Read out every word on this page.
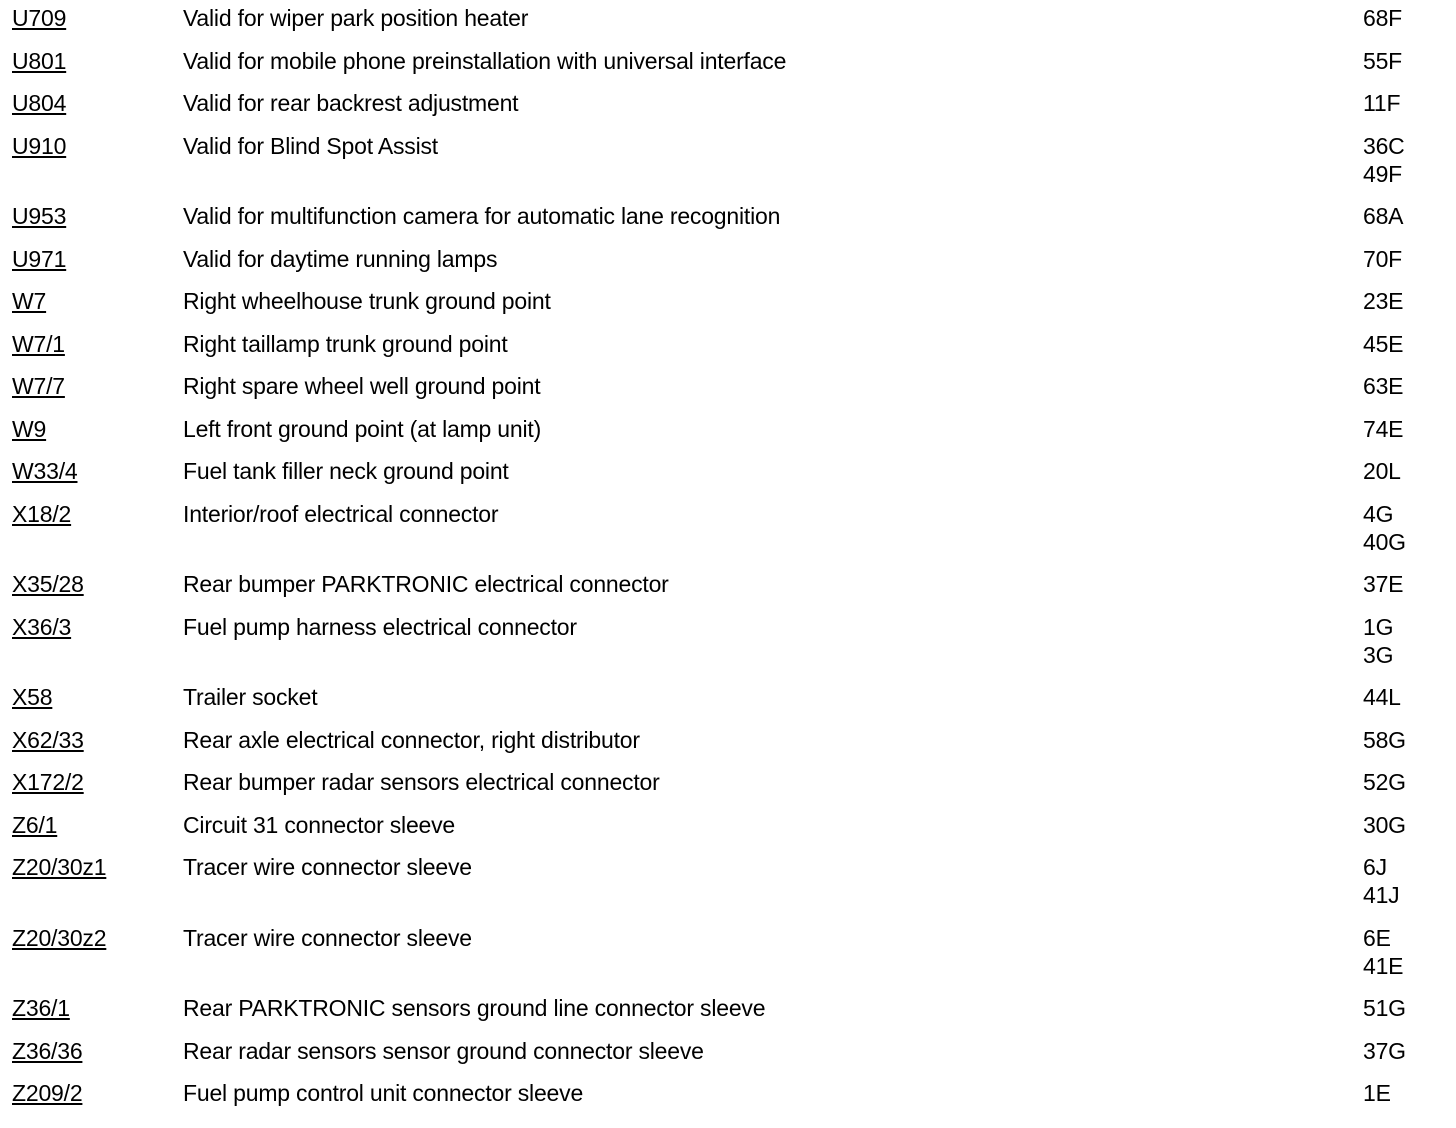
U709	Valid for wiper park position heater	68F
U801	Valid for mobile phone preinstallation with universal interface	55F
U804	Valid for rear backrest adjustment	11F
U910	Valid for Blind Spot Assist	36C
49F
U953	Valid for multifunction camera for automatic lane recognition	68A
U971	Valid for daytime running lamps	70F
W7	Right wheelhouse trunk ground point	23E
W7/1	Right taillamp trunk ground point	45E
W7/7	Right spare wheel well ground point	63E
W9	Left front ground point (at lamp unit)	74E
W33/4	Fuel tank filler neck ground point	20L
X18/2	Interior/roof electrical connector	4G
40G
X35/28	Rear bumper PARKTRONIC electrical connector	37E
X36/3	Fuel pump harness electrical connector	1G
3G
X58	Trailer socket	44L
X62/33	Rear axle electrical connector, right distributor	58G
X172/2	Rear bumper radar sensors electrical connector	52G
Z6/1	Circuit 31 connector sleeve	30G
Z20/30z1	Tracer wire connector sleeve	6J
41J
Z20/30z2	Tracer wire connector sleeve	6E
41E
Z36/1	Rear PARKTRONIC sensors ground line connector sleeve	51G
Z36/36	Rear radar sensors sensor ground connector sleeve	37G
Z209/2	Fuel pump control unit connector sleeve	1E
